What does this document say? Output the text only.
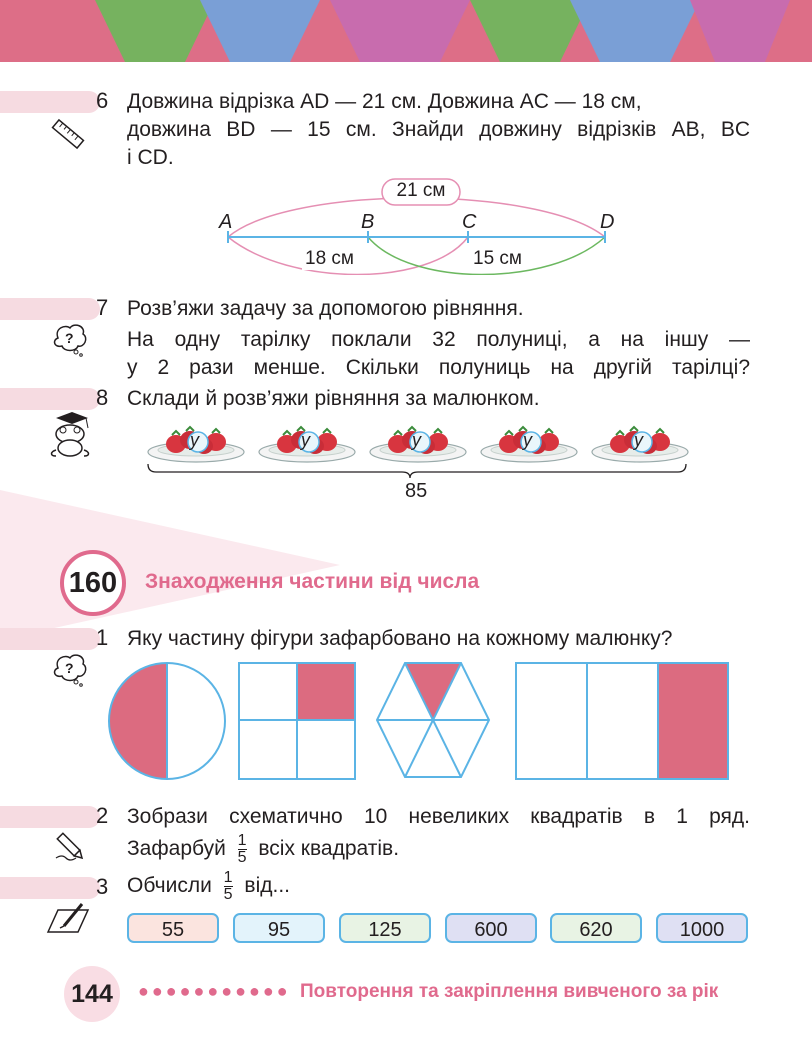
6 Довжина відрізка AD — 21 см. Довжина AC — 18 см,
довжина BD — 15 см. Знайди довжину відрізків AB, BC
і CD.
21 см
A	B	C	D
18 см	15 см
7
?
Розв’яжи задачу за допомогою рівняння.
На одну тарілку поклали 32 полуниці, а на іншу —
у 2 рази менше. Скільки полуниць на другій тарілці?
8 Склади й розв’яжи рівняння за малюнком.
у	у	у	у	у
85
160	Знаходження частини від числа
1
?
Яку частину фігури зафарбовано на кожному малюнку?
2 Зобрази схематично 10 невеликих квадратів в 1 ряд.
Зафарбуй $\frac{1}{5}$ всіх квадратів.
3 Обчисли $\frac{1}{5}$ від...
55	95	125	600	620	1000
144	●●●●●●●●●●● Повторення та закріплення вивченого за рік
